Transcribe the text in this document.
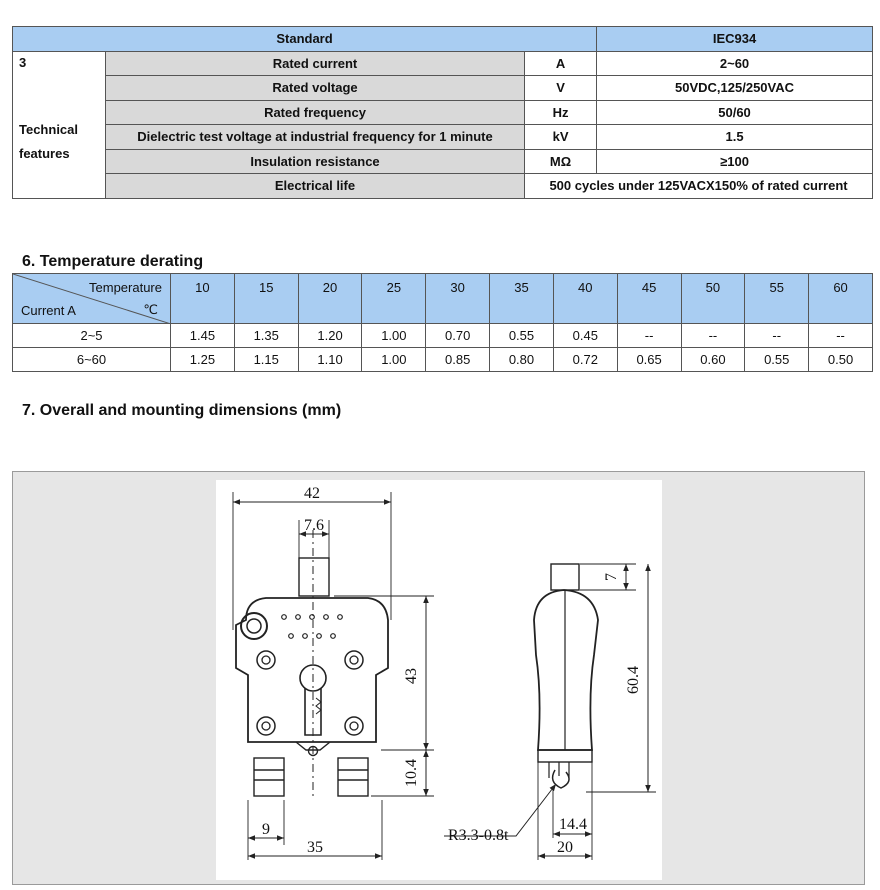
Standard			IEC934

3
Technical
features	Rated current	A	2~60
	Rated voltage	V	50VDC,125/250VAC
	Rated frequency	Hz	50/60
	Dielectric test voltage at industrial frequency for 1 minute	kV	1.5
	Insulation resistance	MΩ	≥100
	Electrical life	500 cycles under 125VACX150% of rated current	
6. Temperature derating
Temperature
Current A ℃	10	15	20	25	30	35	40	45	50	55	60
2~5	1.45	1.35	1.20	1.00	0.70	0.55	0.45	--	--	--	--
6~60	1.25	1.15	1.10	1.00	0.85	0.80	0.72	0.65	0.60	0.55	0.50
7. Overall and mounting dimensions (mm)
42
7.6
43
10.4
9
35
7
60.4
14.4
20
R3.3-0.8t
